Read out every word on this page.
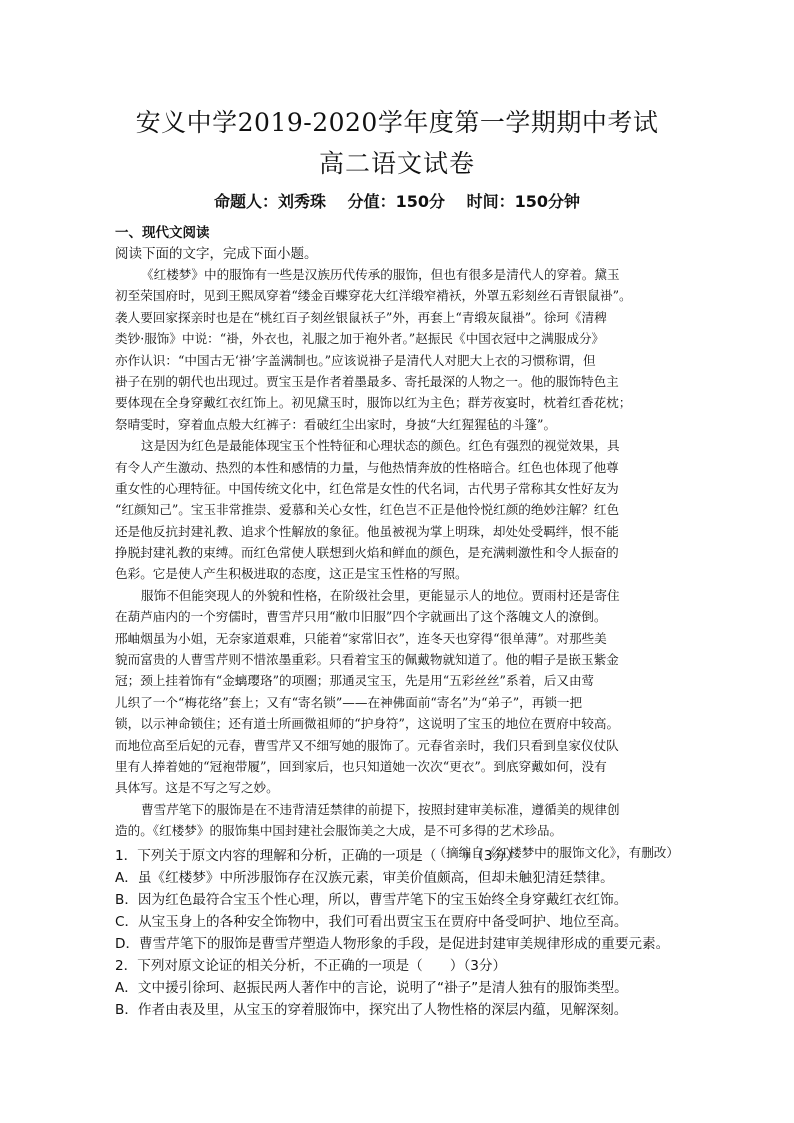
安义中学2019-2020学年度第一学期期中考试
高二语文试卷
命题人：刘秀珠 分值：150分 时间：150分钟
一、现代文阅读
阅读下面的文字，完成下面小题。
《红楼梦》中的服饰有一些是汉族历代传承的服饰，但也有很多是清代人的穿着。黛玉
初至荣国府时，见到王熙凤穿着“缕金百蝶穿花大红洋缎窄褙袄，外罩五彩刻丝石青银鼠褂”。
袭人要回家探亲时也是在“桃红百子刻丝银鼠袄子”外，再套上“青缎灰鼠褂”。徐珂《清稗
类钞·服饰》中说：“褂，外衣也，礼服之加于袍外者。”赵振民《中国衣冠中之满服成分》
亦作认识：“中国古无‘褂’字盖满制也。”应该说褂子是清代人对肥大上衣的习惯称谓，但
褂子在别的朝代也出现过。贾宝玉是作者着墨最多、寄托最深的人物之一。他的服饰特色主
要体现在全身穿戴红衣红饰上。初见黛玉时，服饰以红为主色；群芳夜宴时，枕着红香花枕；
祭晴雯时，穿着血点般大红裤子：看破红尘出家时，身披“大红猩猩毡的斗篷”。
这是因为红色是最能体现宝玉个性特征和心理状态的颜色。红色有强烈的视觉效果，具
有令人产生激动、热烈的本性和感情的力量，与他热情奔放的性格暗合。红色也体现了他尊
重女性的心理特征。中国传统文化中，红色常是女性的代名词，古代男子常称其女性好友为
“红颜知己”。宝玉非常推崇、爱慕和关心女性，红色岂不正是他怜悦红颜的绝妙注解？红色
还是他反抗封建礼教、追求个性解放的象征。他虽被视为掌上明珠，却处处受羁绊，恨不能
挣脱封建礼教的束缚。而红色常使人联想到火焰和鲜血的颜色，是充满刺激性和令人振奋的
色彩。它是使人产生积极进取的态度，这正是宝玉性格的写照。
服饰不但能突现人的外貌和性格，在阶级社会里，更能显示人的地位。贾雨村还是寄住
在葫芦庙内的一个穷儒时，曹雪芹只用“敝巾旧服”四个字就画出了这个落魄文人的潦倒。
邢岫烟虽为小姐，无奈家道艰难，只能着“家常旧衣”，连冬天也穿得“很单薄”。对那些美
貌而富贵的人曹雪芹则不惜浓墨重彩。只看着宝玉的佩戴物就知道了。他的帽子是嵌玉紫金
冠；颈上挂着饰有“金螭璎珞”的项圈；那通灵宝玉，先是用“五彩丝丝”系着，后又由莺
儿织了一个“梅花络”套上；又有“寄名锁”——在神佛面前“寄名”为“弟子”，再锁一把
锁，以示神命锁住；还有道士所画微祖师的“护身符”，这说明了宝玉的地位在贾府中较高。
而地位高至后妃的元春，曹雪芹又不细写她的服饰了。元春省亲时，我们只看到皇家仪仗队
里有人捧着她的“冠袍带履”，回到家后，也只知道她一次次“更衣”。到底穿戴如何，没有
具体写。这是不写之写之妙。
曹雪芹笔下的服饰是在不违背清廷禁律的前提下，按照封建审美标准，遵循美的规律创
造的。《红楼梦》的服饰集中国封建社会服饰美之大成，是不可多得的艺术珍品。
（摘编自《红楼梦中的服饰文化》，有删改）
1．下列关于原文内容的理解和分析，正确的一项是（　　）（3分）
A．虽《红楼梦》中所涉服饰存在汉族元素，审美价值颇高，但却未触犯清廷禁律。
B．因为红色最符合宝玉个性心理，所以，曹雪芹笔下的宝玉始终全身穿戴红衣红饰。
C．从宝玉身上的各种安全饰物中，我们可看出贾宝玉在贾府中备受呵护、地位至高。
D．曹雪芹笔下的服饰是曹雪芹塑造人物形象的手段，是促进封建审美规律形成的重要元素。
2．下列对原文论证的相关分析，不正确的一项是（　　）（3分）
A．文中援引徐珂、赵振民两人著作中的言论，说明了“褂子”是清人独有的服饰类型。
B．作者由表及里，从宝玉的穿着服饰中，探究出了人物性格的深层内蕴，见解深刻。
